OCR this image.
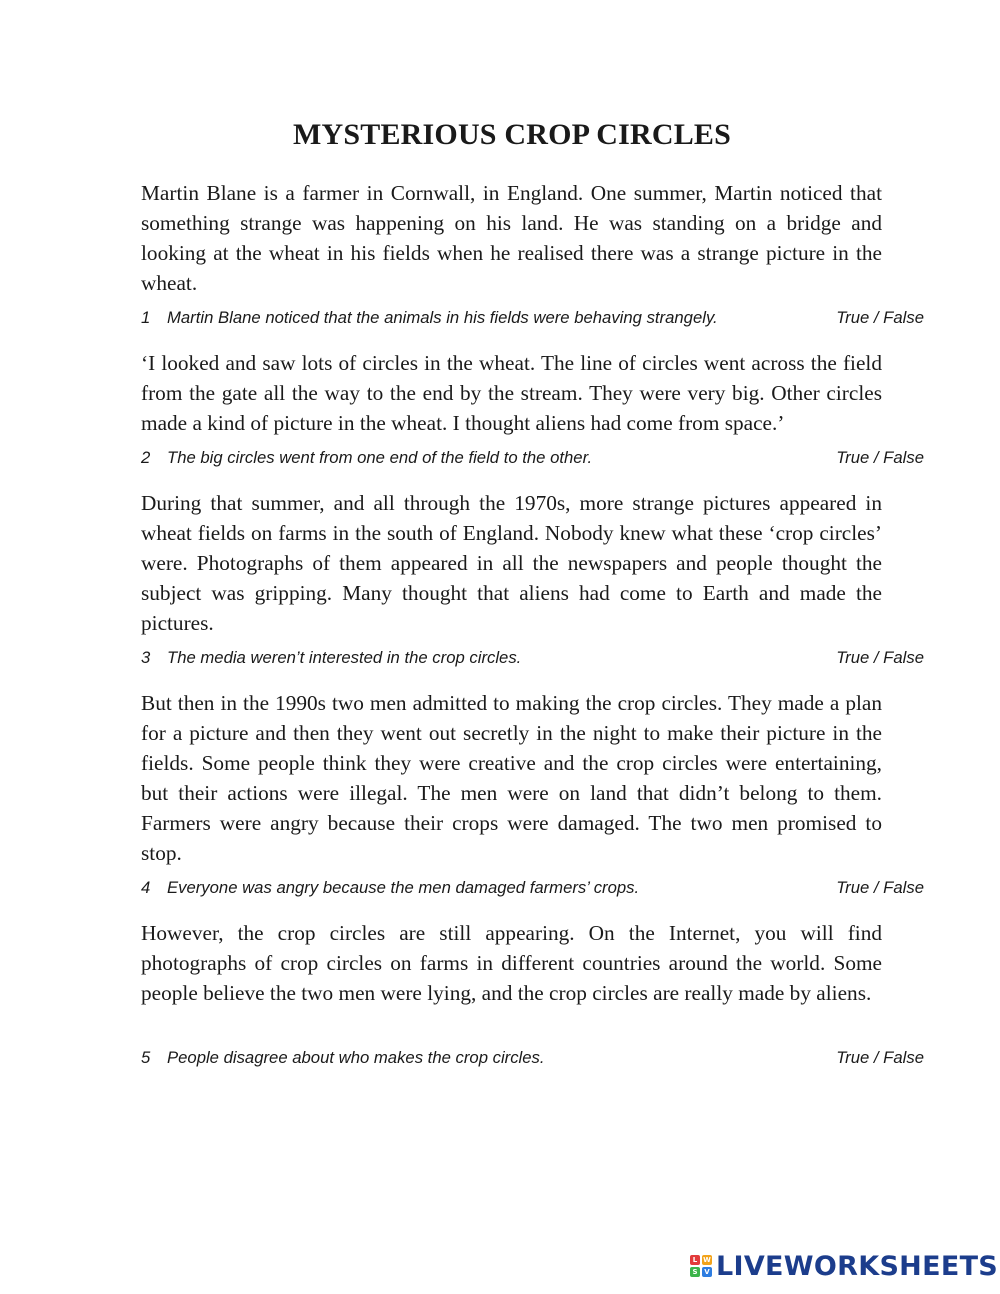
MYSTERIOUS CROP CIRCLES
Martin Blane is a farmer in Cornwall, in England. One summer, Martin noticed that something strange was happening on his land. He was standing on a bridge and looking at the wheat in his fields when he realised there was a strange picture in the wheat.
1 Martin Blane noticed that the animals in his fields were behaving strangely.	True / False
‘I looked and saw lots of circles in the wheat. The line of circles went across the field from the gate all the way to the end by the stream. They were very big. Other circles made a kind of picture in the wheat. I thought aliens had come from space.’
2 The big circles went from one end of the field to the other.	True / False
During that summer, and all through the 1970s, more strange pictures appeared in wheat fields on farms in the south of England. Nobody knew what these ‘crop circles’ were. Photographs of them appeared in all the newspapers and people thought the subject was gripping. Many thought that aliens had come to Earth and made the pictures.
3 The media weren’t interested in the crop circles.	True / False
But then in the 1990s two men admitted to making the crop circles. They made a plan for a picture and then they went out secretly in the night to make their picture in the fields. Some people think they were creative and the crop circles were entertaining, but their actions were illegal. The men were on land that didn’t belong to them. Farmers were angry because their crops were damaged. The two men promised to stop.
4 Everyone was angry because the men damaged farmers’ crops.	True / False
However, the crop circles are still appearing. On the Internet, you will find photographs of crop circles on farms in different countries around the world. Some people believe the two men were lying, and the crop circles are really made by aliens.
5 People disagree about who makes the crop circles.	True / False
L W
S V LIVEWORKSHEETS
